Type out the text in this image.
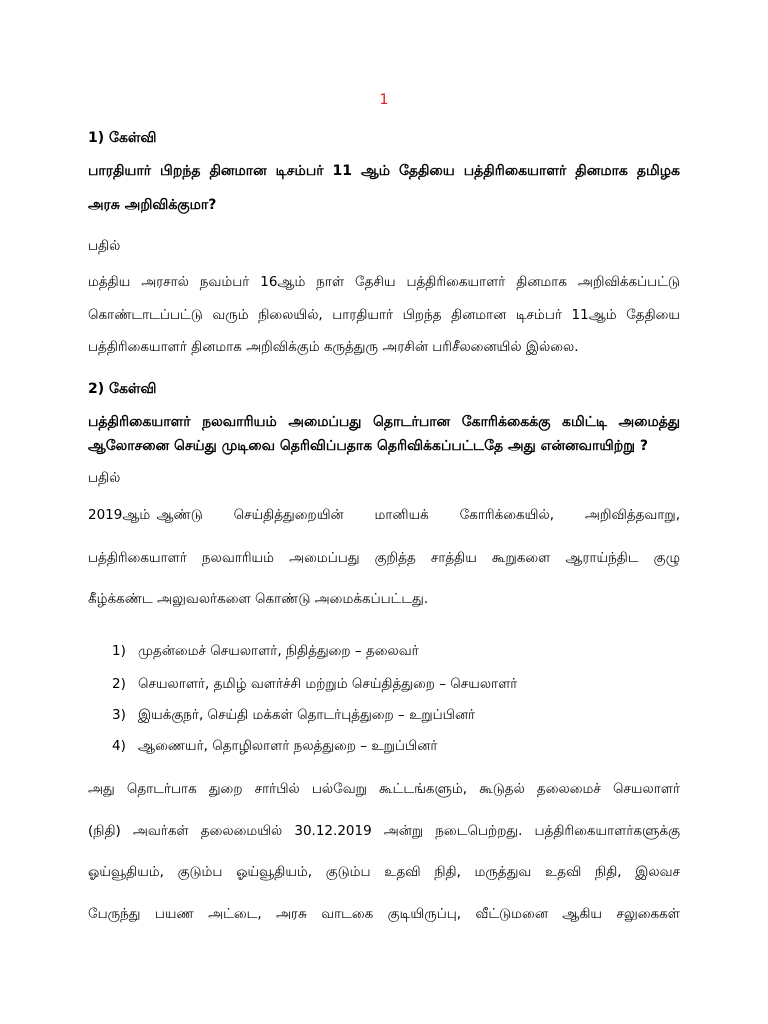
1
1) கேள்வி
பாரதியார் பிறந்த தினமான டிசம்பர் 11 ஆம் தேதியை பத்திரிகையாளர் தினமாக தமிழக
அரசு அறிவிக்குமா?
பதில்
மத்திய அரசால் நவம்பர் 16ஆம் நாள் தேசிய பத்திரிகையாளர் தினமாக அறிவிக்கப்பட்டு
கொண்டாடப்பட்டு வரும் நிலையில், பாரதியார் பிறந்த தினமான டிசம்பர் 11ஆம் தேதியை
பத்திரிகையாளர் தினமாக அறிவிக்கும் கருத்துரு அரசின் பரிசீலனையில் இல்லை.
2) கேள்வி
பத்திரிகையாளர் நலவாரியம் அமைப்பது தொடர்பான கோரிக்கைக்கு கமிட்டி அமைத்து
ஆலோசனை செய்து முடிவை தெரிவிப்பதாக தெரிவிக்கப்பட்டதே அது என்னவாயிற்று ?
பதில்
2019ஆம் ஆண்டு     செய்தித்துறையின்     மானியக்     கோரிக்கையில்,     அறிவித்தவாறு,
பத்திரிகையாளர் நலவாரியம் அமைப்பது குறித்த சாத்திய கூறுகளை ஆராய்ந்திட குழு
கீழ்க்கண்ட அலுவலர்களை கொண்டு அமைக்கப்பட்டது.
1) முதன்மைச் செயலாளர், நிதித்துறை – தலைவர்
2) செயலாளர், தமிழ் வளர்ச்சி மற்றும் செய்தித்துறை – செயலாளர்
3) இயக்குநர், செய்தி மக்கள் தொடர்புத்துறை – உறுப்பினர்
4) ஆணையர், தொழிலாளர் நலத்துறை – உறுப்பினர்
அது தொடர்பாக துறை சார்பில் பல்வேறு கூட்டங்களும், கூடுதல் தலைமைச் செயலாளர்
(நிதி) அவர்கள் தலைமையில் 30.12.2019 அன்று நடைபெற்றது. பத்திரிகையாளர்களுக்கு
ஓய்வூதியம், குடும்ப ஓய்வூதியம், குடும்ப உதவி நிதி, மருத்துவ உதவி நிதி, இலவச
பேருந்து பயண அட்டை, அரசு வாடகை குடியிருப்பு, வீட்டுமனை ஆகிய சலுகைகள்
